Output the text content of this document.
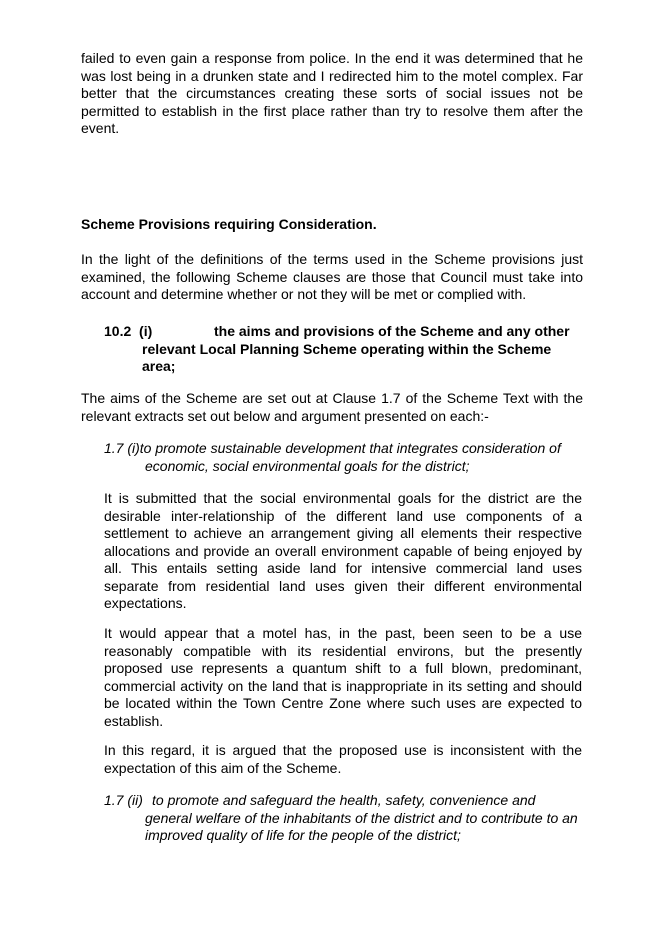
failed to even gain a response from police. In the end it was determined that he was lost being in a drunken state and I redirected him to the motel complex. Far better that the circumstances creating these sorts of social issues not be permitted to establish in the first place rather than try to resolve them after the event.

Scheme Provisions requiring Consideration.

In the light of the definitions of the terms used in the Scheme provisions just examined, the following Scheme clauses are those that Council must take into account and determine whether or not they will be met or complied with.

10.2  (i)	the aims and provisions of the Scheme and any other
relevant Local Planning Scheme operating within the Scheme area;

The aims of the Scheme are set out at Clause 1.7 of the Scheme Text with the relevant extracts set out below and argument presented on each:-

1.7 (i)to promote sustainable development that integrates consideration of
economic, social environmental goals for the district;

It is submitted that the social environmental goals for the district are the desirable inter-relationship of the different land use components of a settlement to achieve an arrangement giving all elements their respective allocations and provide an overall environment capable of being enjoyed by all. This entails setting aside land for intensive commercial land uses separate from residential land uses given their different environmental expectations.

It would appear that a motel has, in the past, been seen to be a use reasonably compatible with its residential environs, but the presently proposed use represents a quantum shift to a full blown, predominant, commercial activity on the land that is inappropriate in its setting and should be located within the Town Centre Zone where such uses are expected to establish.

In this regard, it is argued that the proposed use is inconsistent with the expectation of this aim of the Scheme.

1.7 (ii) to promote and safeguard the health, safety, convenience and
general welfare of the inhabitants of the district and to contribute to an improved quality of life for the people of the district;
